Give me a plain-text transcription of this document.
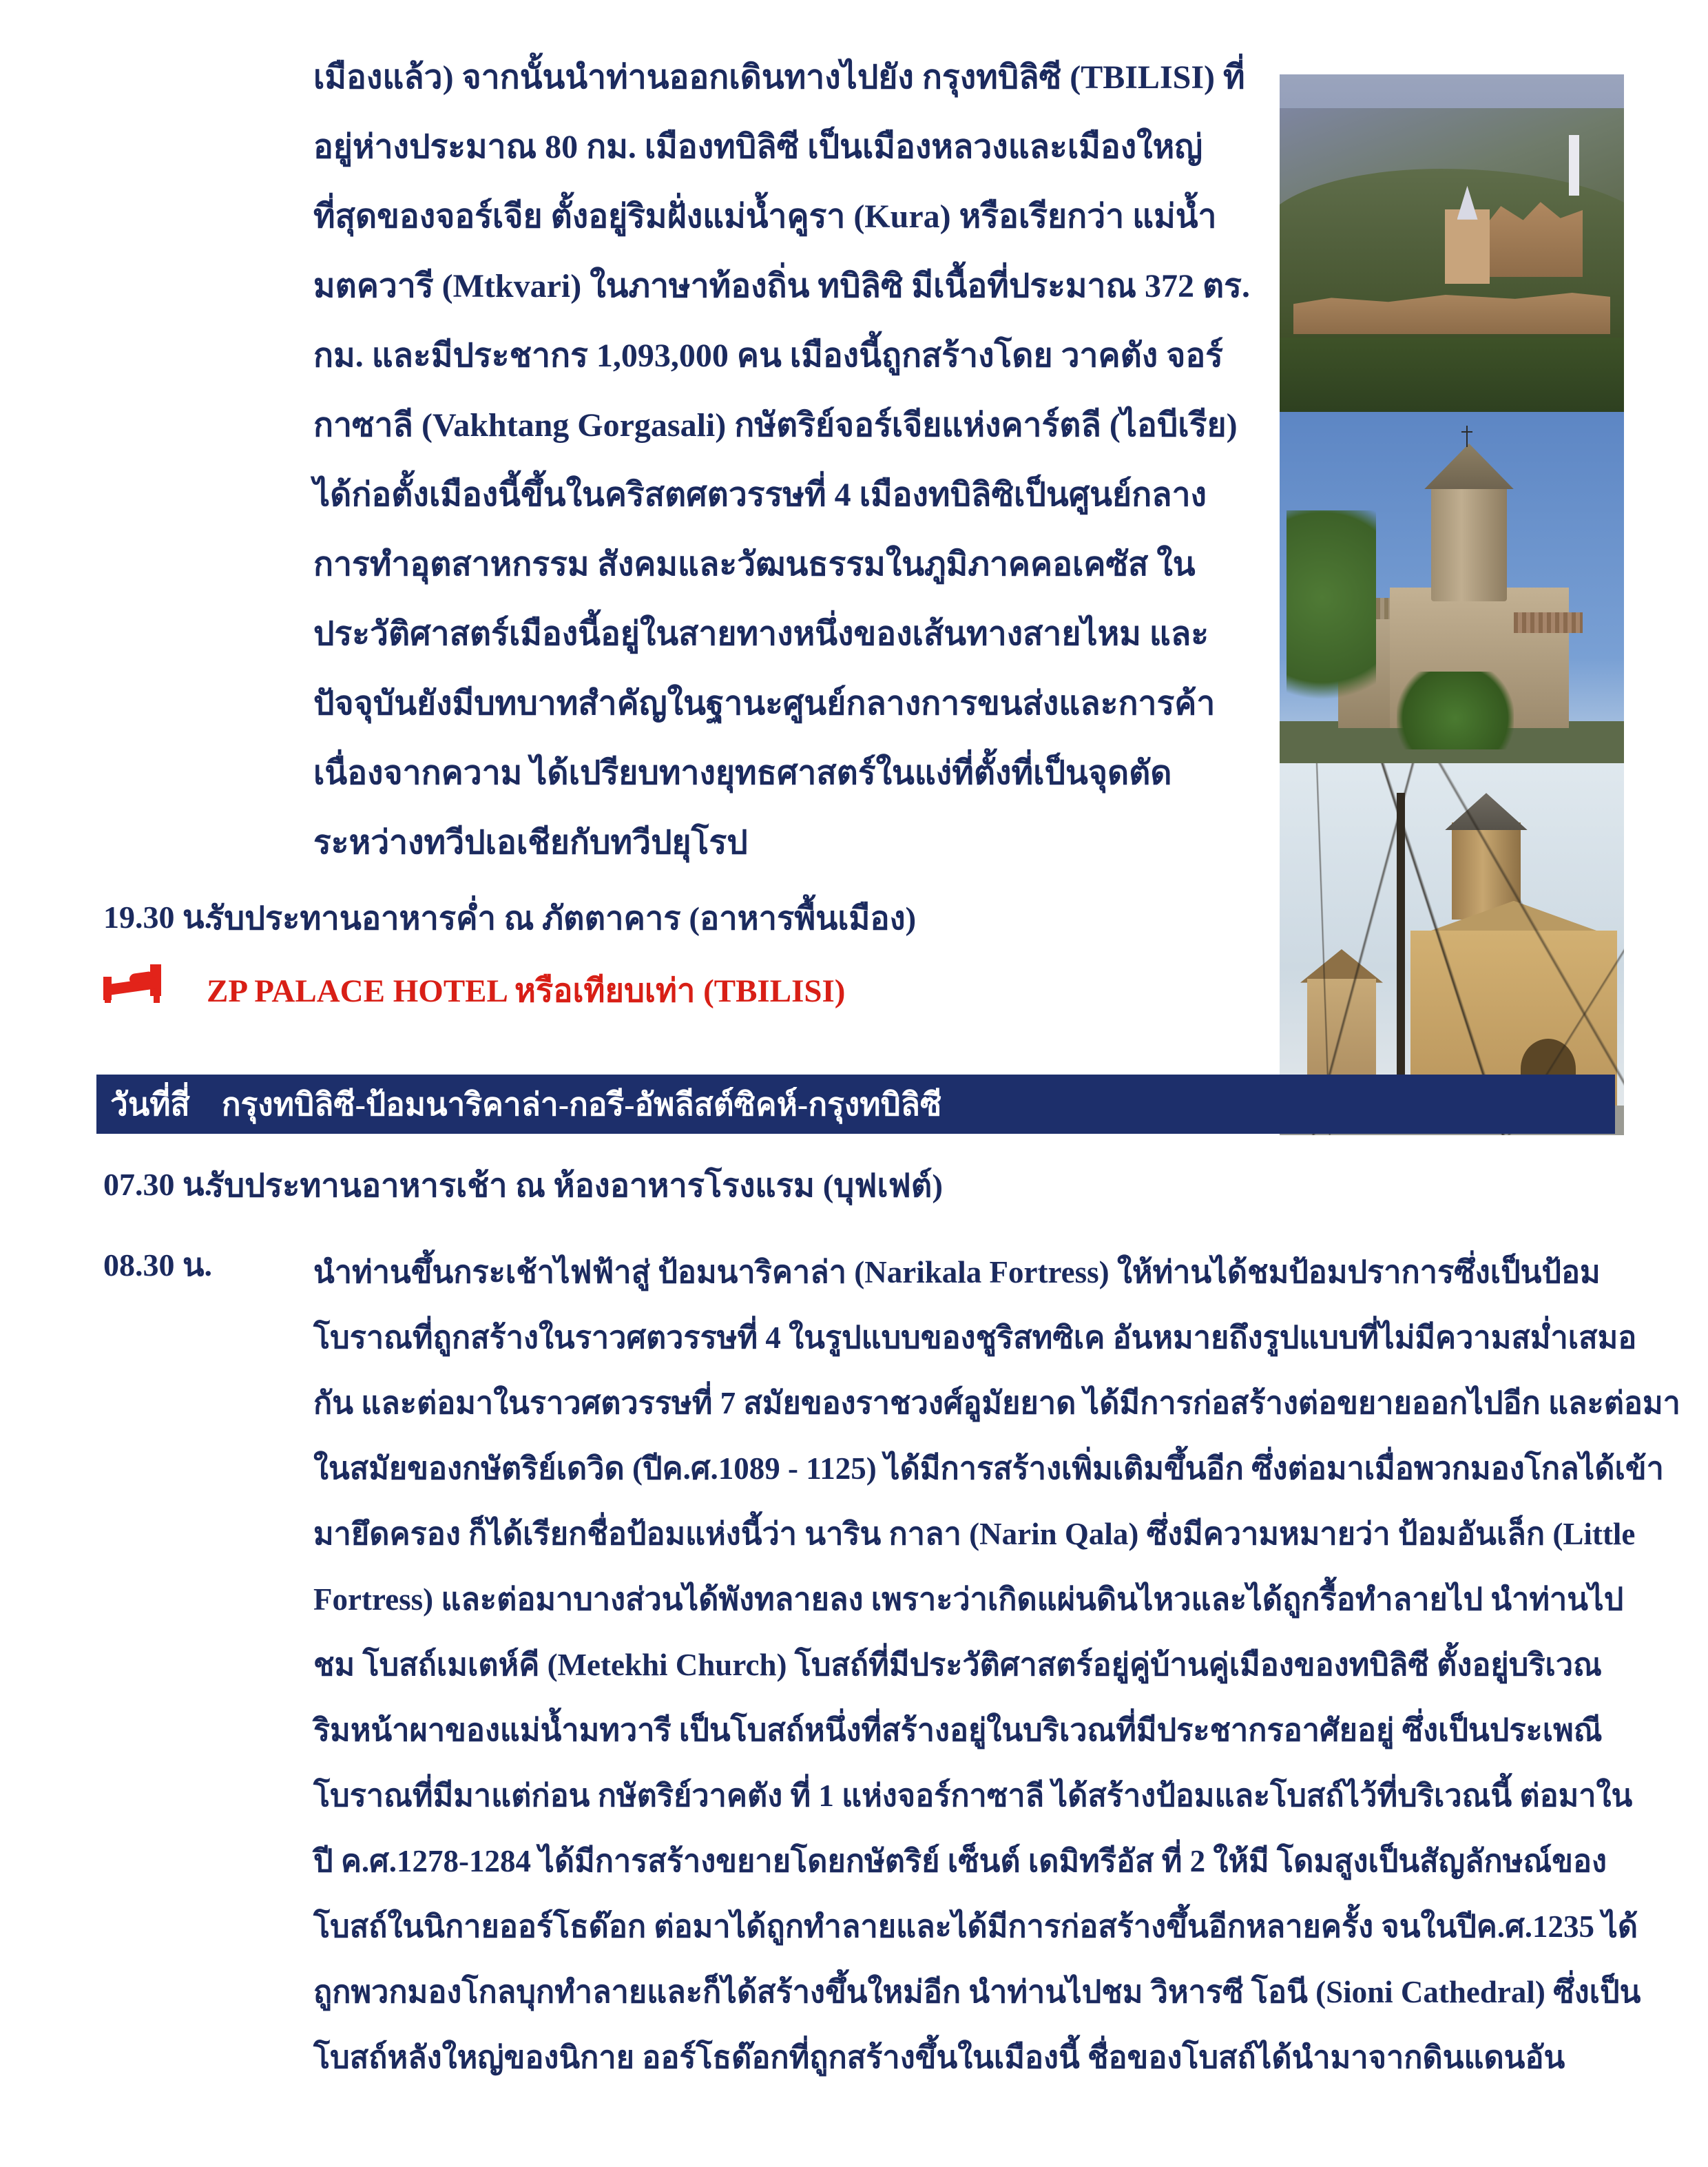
เมืองแล้ว) จากนั้นนำท่านออกเดินทางไปยัง กรุงทบิลิซี (TBILISI) ที่
อยู่ห่างประมาณ 80 กม. เมืองทบิลิซี เป็นเมืองหลวงและเมืองใหญ่
ที่สุดของจอร์เจีย ตั้งอยู่ริมฝั่งแม่น้ำคูรา (Kura) หรือเรียกว่า แม่น้ำ
มตควารี (Mtkvari) ในภาษาท้องถิ่น ทบิลิซิ มีเนื้อที่ประมาณ 372 ตร.
กม. และมีประชากร 1,093,000 คน เมืองนี้ถูกสร้างโดย วาคตัง จอร์
กาซาลี (Vakhtang Gorgasali) กษัตริย์จอร์เจียแห่งคาร์ตลี (ไอบีเรีย)
ได้ก่อตั้งเมืองนี้ขึ้นในคริสตศตวรรษที่ 4 เมืองทบิลิซิเป็นศูนย์กลาง
การทำอุตสาหกรรม สังคมและวัฒนธรรมในภูมิภาคคอเคซัส ใน
ประวัติศาสตร์เมืองนี้อยู่ในสายทางหนึ่งของเส้นทางสายไหม และ
ปัจจุบันยังมีบทบาทสำคัญในฐานะศูนย์กลางการขนส่งและการค้า
เนื่องจากความ ได้เปรียบทางยุทธศาสตร์ในแง่ที่ตั้งที่เป็นจุดตัด
ระหว่างทวีปเอเชียกับทวีปยุโรป
19.30 น.
รับประทานอาหารค่ำ ณ ภัตตาคาร (อาหารพื้นเมือง)
ZP PALACE HOTEL หรือเทียบเท่า (TBILISI)
วันที่สี่ กรุงทบิลิซี-ป้อมนาริคาล่า-กอรี-อัพลีสต์ซิคห์-กรุงทบิลิซี
07.30 น.
รับประทานอาหารเช้า ณ ห้องอาหารโรงแรม (บุฟเฟต์)
08.30 น.	นำท่านขึ้นกระเช้าไฟฟ้าสู่ ป้อมนาริคาล่า (Narikala Fortress) ให้ท่านได้ชมป้อมปราการซึ่งเป็นป้อม
โบราณที่ถูกสร้างในราวศตวรรษที่ 4 ในรูปแบบของชูริสทซิเค อันหมายถึงรูปแบบที่ไม่มีความสม่ำเสมอ
กัน และต่อมาในราวศตวรรษที่ 7 สมัยของราชวงศ์อูมัยยาด ได้มีการก่อสร้างต่อขยายออกไปอีก และต่อมา
ในสมัยของกษัตริย์เดวิด (ปีค.ศ.1089 - 1125) ได้มีการสร้างเพิ่มเติมขึ้นอีก ซึ่งต่อมาเมื่อพวกมองโกลได้เข้า
มายึดครอง ก็ได้เรียกชื่อป้อมแห่งนี้ว่า นาริน กาลา (Narin Qala) ซึ่งมีความหมายว่า ป้อมอันเล็ก (Little
Fortress) และต่อมาบางส่วนได้พังทลายลง เพราะว่าเกิดแผ่นดินไหวและได้ถูกรื้อทำลายไป นำท่านไป
ชม โบสถ์เมเตห์คี (Metekhi Church) โบสถ์ที่มีประวัติศาสตร์อยู่คู่บ้านคู่เมืองของทบิลิซี ตั้งอยู่บริเวณ
ริมหน้าผาของแม่น้ำมทวารี เป็นโบสถ์หนึ่งที่สร้างอยู่ในบริเวณที่มีประชากรอาศัยอยู่ ซึ่งเป็นประเพณี
โบราณที่มีมาแต่ก่อน กษัตริย์วาคตัง ที่ 1 แห่งจอร์กาซาลี ได้สร้างป้อมและโบสถ์ไว้ที่บริเวณนี้ ต่อมาใน
ปี ค.ศ.1278-1284 ได้มีการสร้างขยายโดยกษัตริย์ เซ็นต์ เดมิทรีอัส ที่ 2 ให้มี โดมสูงเป็นสัญลักษณ์ของ
โบสถ์ในนิกายออร์โธด๊อก ต่อมาได้ถูกทำลายและได้มีการก่อสร้างขึ้นอีกหลายครั้ง จนในปีค.ศ.1235 ได้
ถูกพวกมองโกลบุกทำลายและก็ได้สร้างขึ้นใหม่อีก นำท่านไปชม วิหารซี โอนี (Sioni Cathedral) ซึ่งเป็น
โบสถ์หลังใหญ่ของนิกาย ออร์โธด๊อกที่ถูกสร้างขึ้นในเมืองนี้ ชื่อของโบสถ์ได้นำมาจากดินแดนอัน
